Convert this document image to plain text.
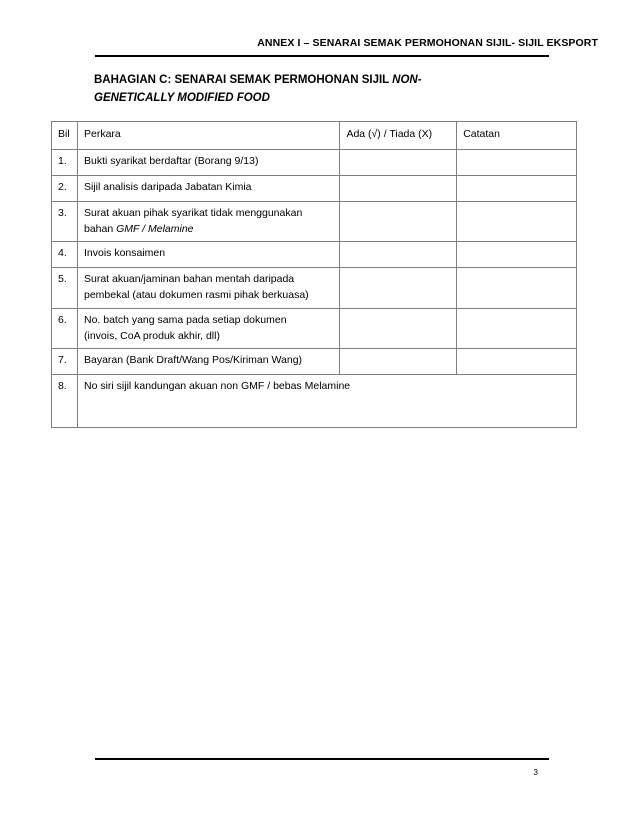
ANNEX I – SENARAI SEMAK PERMOHONAN SIJIL- SIJIL EKSPORT
BAHAGIAN C: SENARAI SEMAK PERMOHONAN SIJIL NON-
GENETICALLY MODIFIED FOOD
Bil	Perkara	Ada (√) / Tiada (X)	Catatan
1.	Bukti syarikat berdaftar (Borang 9/13)		
2.	Sijil analisis daripada Jabatan Kimia		
3.	Surat akuan pihak syarikat tidak menggunakan
bahan GMF / Melamine		
4.	Invois konsaimen		
5.	Surat akuan/jaminan bahan mentah daripada
pembekal (atau dokumen rasmi pihak berkuasa)		
6.	No. batch yang sama pada setiap dokumen
(invois, CoA produk akhir, dll)		
7.	Bayaran (Bank Draft/Wang Pos/Kiriman Wang)		
8.	No siri sijil kandungan akuan non GMF / bebas Melamine		
3
